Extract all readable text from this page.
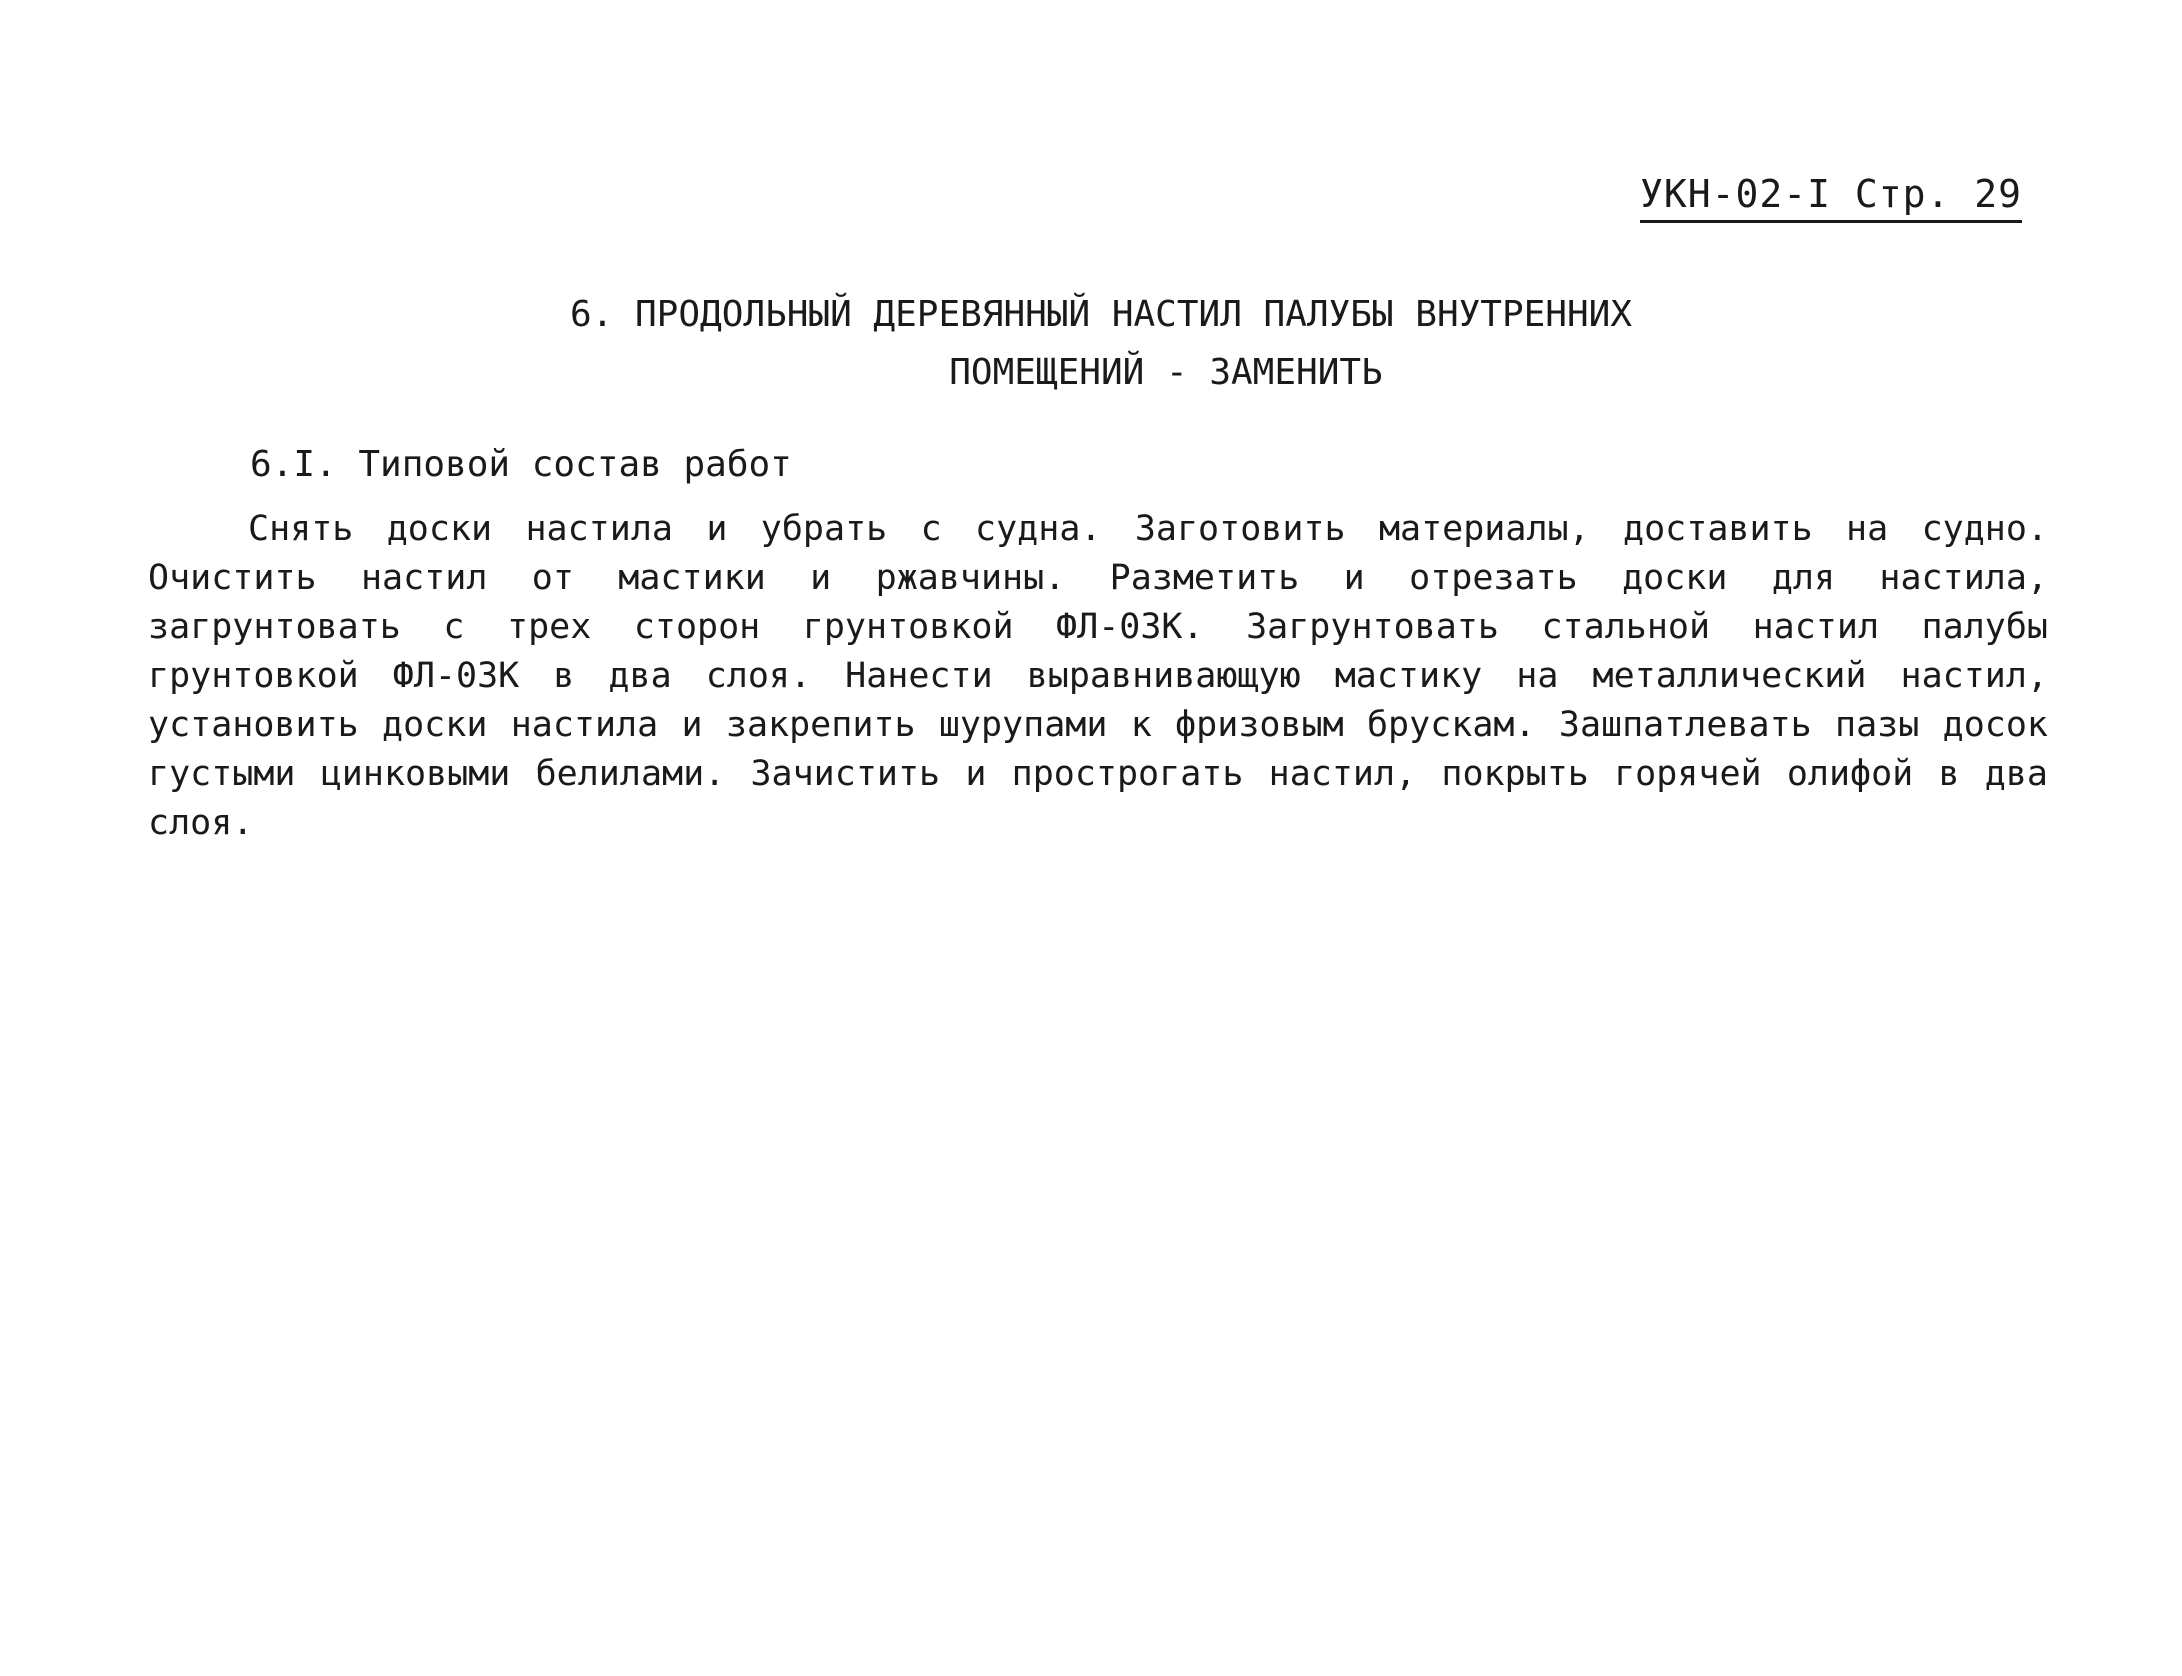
УКН-02-I Стр. 29
6. ПРОДОЛЬНЫЙ ДЕРЕВЯННЫЙ НАСТИЛ ПАЛУБЫ ВНУТРЕННИХ
ПОМЕЩЕНИЙ - ЗАМЕНИТЬ
6.I. Типовой состав работ

Снять доски настила и убрать с судна. Заготовить материалы, доставить на судно. Очистить настил от мастики и ржавчины. Разметить и отрезать доски для настила, загрунтовать с трех сторон грунтовкой ФЛ-03К. Загрунтовать стальной настил палубы грунтовкой ФЛ-03К в два слоя. Нанести выравнивающую мастику на металлический настил, установить доски настила и закрепить шурупами к фризовым брускам. Зашпатлевать пазы досок густыми цинковыми белилами. Зачистить и прострогать настил, покрыть горячей олифой в два слоя.
